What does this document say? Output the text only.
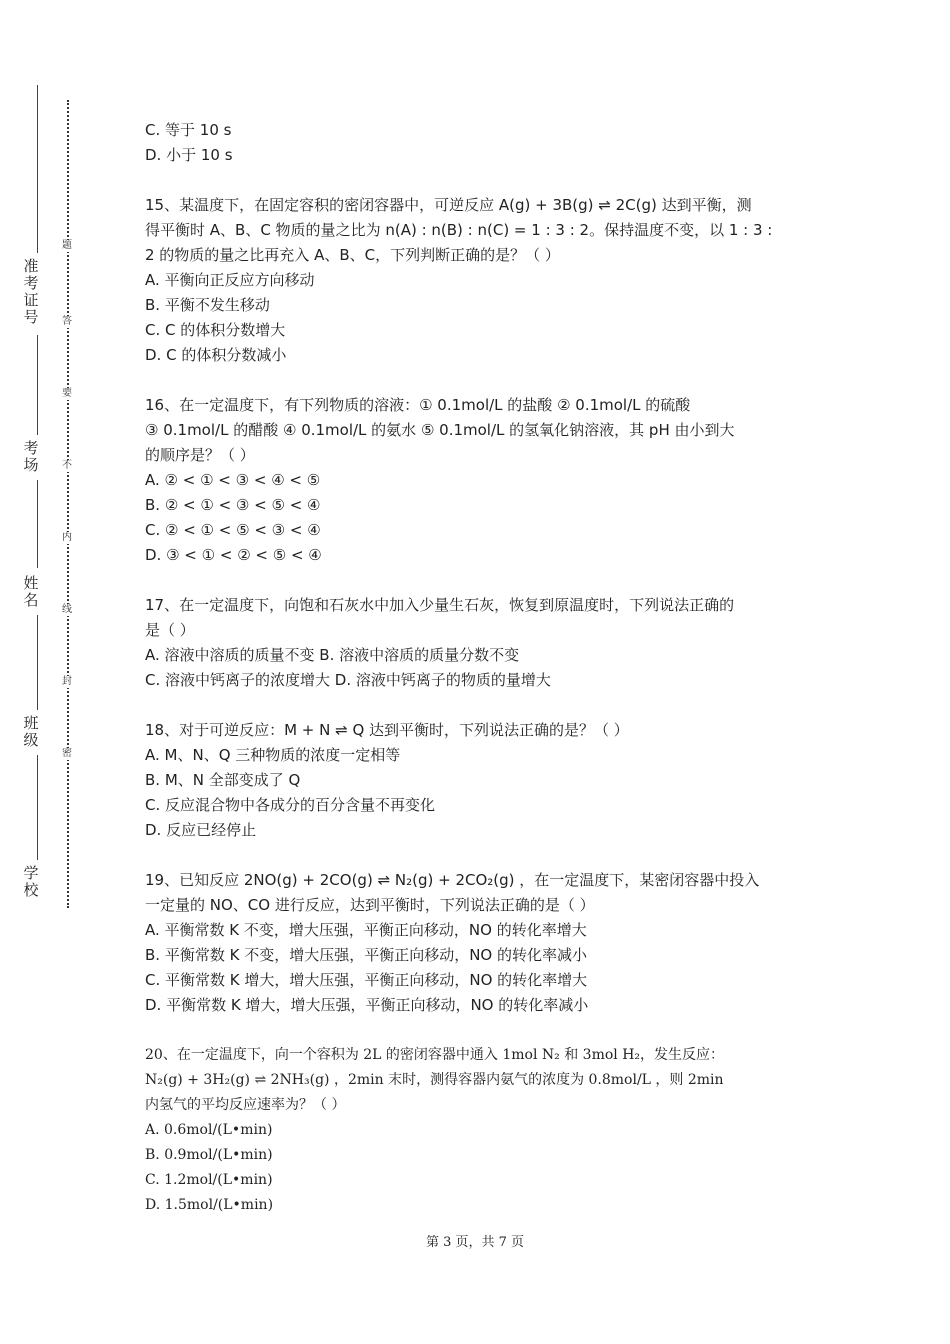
准考证号
考场
姓名
班级
学校
题
答
要
不
内
线
封
密
C. 等于 10 s
D. 小于 10 s
15、某温度下，在固定容积的密闭容器中，可逆反应 A(g) + 3B(g) ⇌ 2C(g) 达到平衡，测
得平衡时 A、B、C 物质的量之比为 n(A) : n(B) : n(C) = 1 : 3 : 2。保持温度不变，以 1 : 3 :
2 的物质的量之比再充入 A、B、C，下列判断正确的是？（ ）
A. 平衡向正反应方向移动
B. 平衡不发生移动
C. C 的体积分数增大
D. C 的体积分数减小
16、在一定温度下，有下列物质的溶液：① 0.1mol/L 的盐酸 ② 0.1mol/L 的硫酸
③ 0.1mol/L 的醋酸 ④ 0.1mol/L 的氨水 ⑤ 0.1mol/L 的氢氧化钠溶液，其 pH 由小到大
的顺序是？（ ）
A. ② < ① < ③ < ④ < ⑤
B. ② < ① < ③ < ⑤ < ④
C. ② < ① < ⑤ < ③ < ④
D. ③ < ① < ② < ⑤ < ④
17、在一定温度下，向饱和石灰水中加入少量生石灰，恢复到原温度时，下列说法正确的
是（ ）
A. 溶液中溶质的质量不变 B. 溶液中溶质的质量分数不变
C. 溶液中钙离子的浓度增大 D. 溶液中钙离子的物质的量增大
18、对于可逆反应：M + N ⇌ Q 达到平衡时，下列说法正确的是？（ ）
A. M、N、Q 三种物质的浓度一定相等
B. M、N 全部变成了 Q
C. 反应混合物中各成分的百分含量不再变化
D. 反应已经停止
19、已知反应 2NO(g) + 2CO(g) ⇌ N₂(g) + 2CO₂(g) ，在一定温度下，某密闭容器中投入
一定量的 NO、CO 进行反应，达到平衡时，下列说法正确的是（ ）
A. 平衡常数 K 不变，增大压强，平衡正向移动，NO 的转化率增大
B. 平衡常数 K 不变，增大压强，平衡正向移动，NO 的转化率减小
C. 平衡常数 K 增大，增大压强，平衡正向移动，NO 的转化率增大
D. 平衡常数 K 增大，增大压强，平衡正向移动，NO 的转化率减小
20、在一定温度下，向一个容积为 2L 的密闭容器中通入 1mol N₂ 和 3mol H₂，发生反应：
N₂(g) + 3H₂(g) ⇌ 2NH₃(g) ，2min 末时，测得容器内氨气的浓度为 0.8mol/L ，则 2min
内氢气的平均反应速率为？（ ）
A. 0.6mol/(L•min)
B. 0.9mol/(L•min)
C. 1.2mol/(L•min)
D. 1.5mol/(L•min)
第 3 页，共 7 页
